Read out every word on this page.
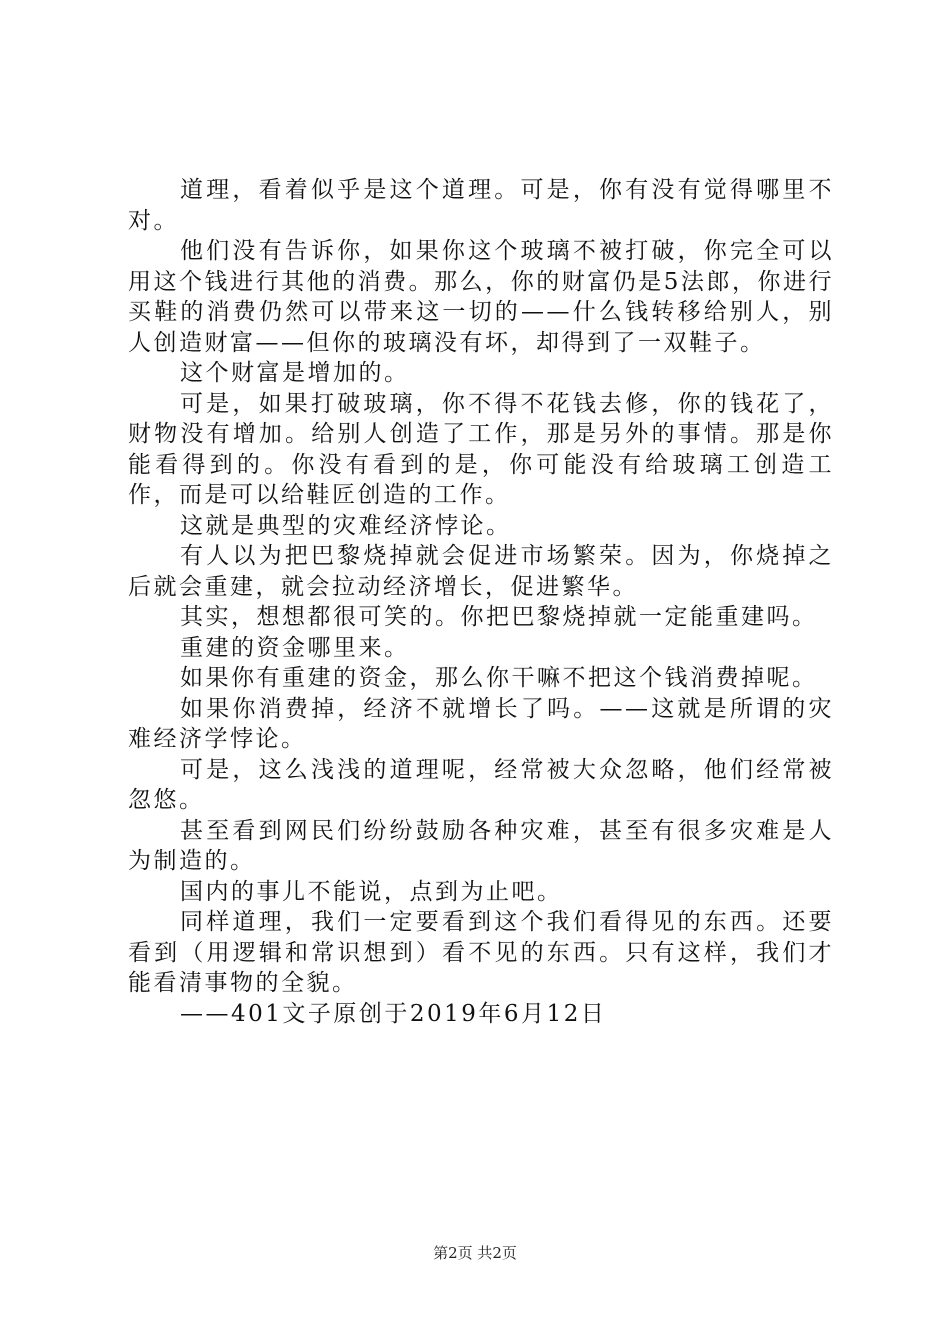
道理，看着似乎是这个道理。可是，你有没有觉得哪里不对。

他们没有告诉你，如果你这个玻璃不被打破，你完全可以用这个钱进行其他的消费。那么，你的财富仍是5法郎，你进行买鞋的消费仍然可以带来这一切的——什么钱转移给别人，别人创造财富——但你的玻璃没有坏，却得到了一双鞋子。

这个财富是增加的。

可是，如果打破玻璃，你不得不花钱去修，你的钱花了，财物没有增加。给别人创造了工作，那是另外的事情。那是你能看得到的。你没有看到的是，你可能没有给玻璃工创造工作，而是可以给鞋匠创造的工作。

这就是典型的灾难经济悖论。

有人以为把巴黎烧掉就会促进市场繁荣。因为，你烧掉之后就会重建，就会拉动经济增长，促进繁华。

其实，想想都很可笑的。你把巴黎烧掉就一定能重建吗。

重建的资金哪里来。

如果你有重建的资金，那么你干嘛不把这个钱消费掉呢。

如果你消费掉，经济不就增长了吗。——这就是所谓的灾难经济学悖论。

可是，这么浅浅的道理呢，经常被大众忽略，他们经常被忽悠。

甚至看到网民们纷纷鼓励各种灾难，甚至有很多灾难是人为制造的。

国内的事儿不能说，点到为止吧。

同样道理，我们一定要看到这个我们看得见的东西。还要看到（用逻辑和常识想到）看不见的东西。只有这样，我们才能看清事物的全貌。

——401文子原创于2019年6月12日

第2页 共2页
